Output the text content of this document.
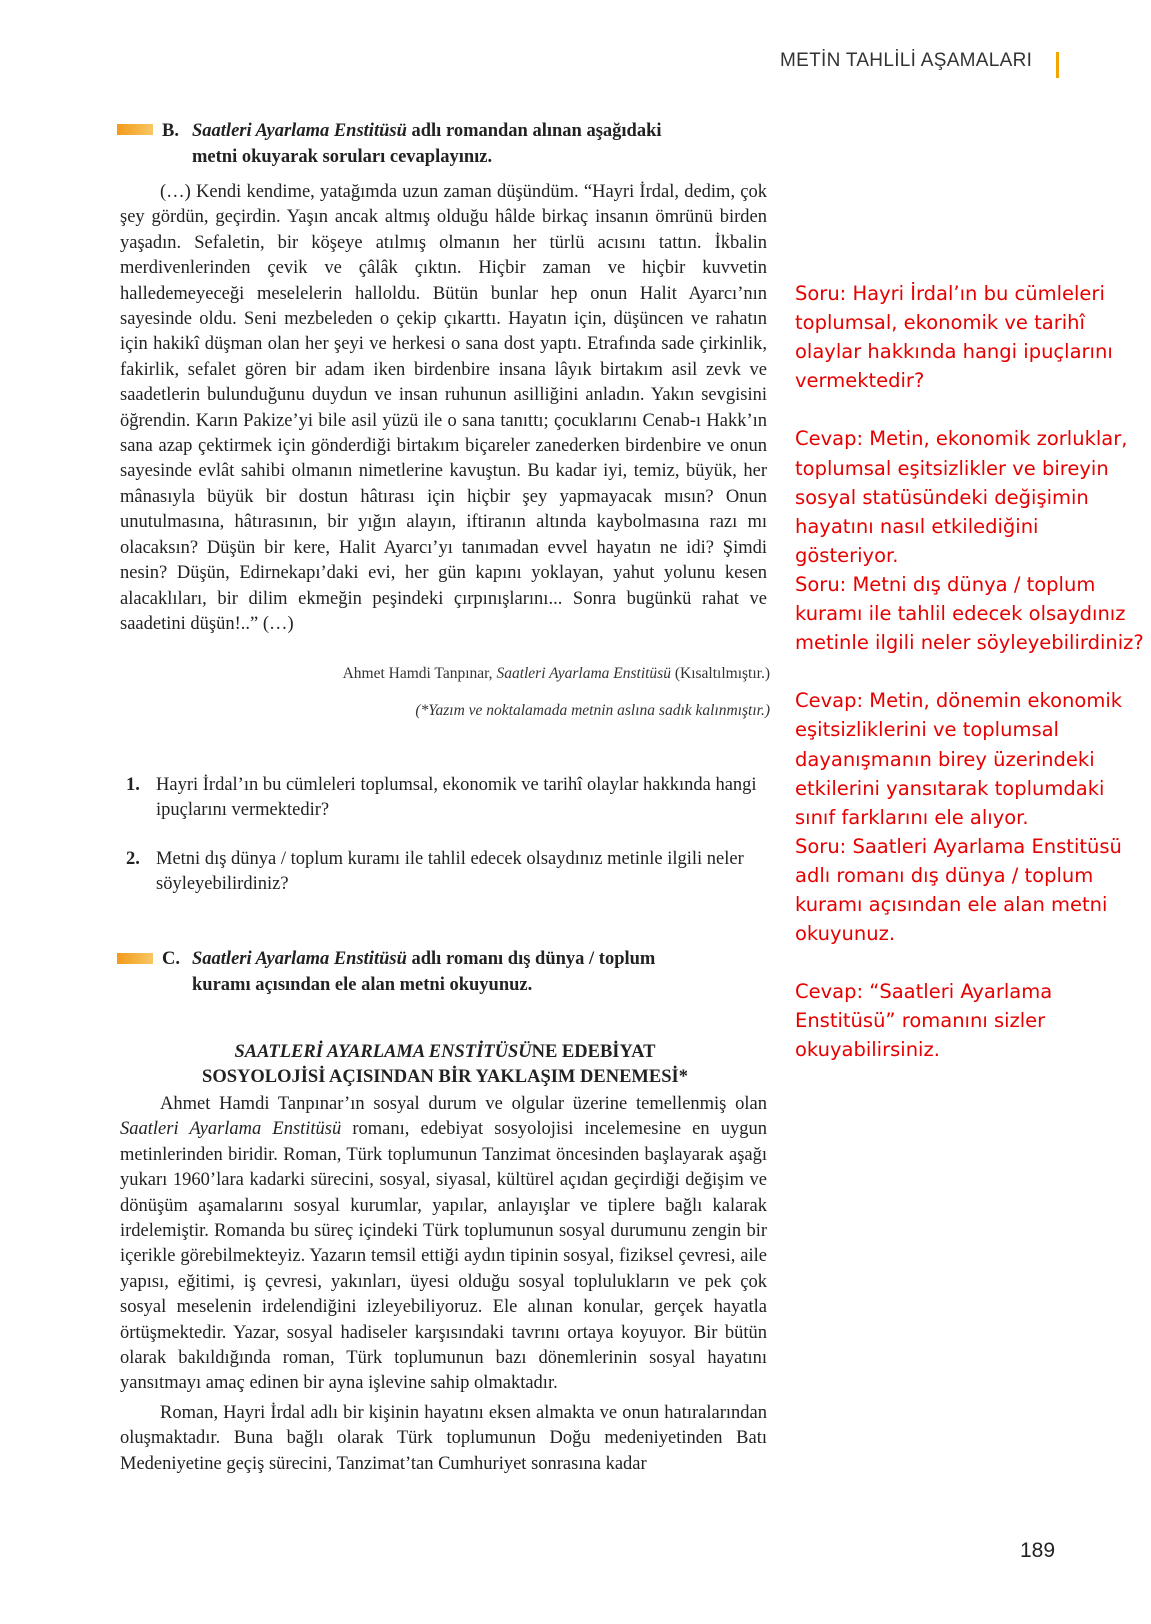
METİN TAHLİLİ AŞAMALARI
B. Saatleri Ayarlama Enstitüsü adlı romandan alınan aşağıdaki
metni okuyarak soruları cevaplayınız.

(…) Kendi kendime, yatağımda uzun zaman düşündüm. “Hayri İrdal, dedim, çok şey gördün, geçirdin. Yaşın ancak altmış olduğu hâlde birkaç insanın ömrünü birden yaşadın. Sefaletin, bir köşeye atılmış olmanın her türlü acısını tattın. İkbalin merdivenlerinden çevik ve çâlâk çıktın. Hiçbir zaman ve hiçbir kuvvetin halledemeyeceği meselelerin halloldu. Bütün bunlar hep onun Halit Ayarcı’nın sayesinde oldu. Seni mezbeleden o çekip çıkarttı. Hayatın için, düşüncen ve rahatın için hakikî düşman olan her şeyi ve herkesi o sana dost yaptı. Etrafında sade çirkinlik, fakirlik, sefalet gören bir adam iken birdenbire insana lâyık birtakım asil zevk ve saadetlerin bulunduğunu duydun ve insan ruhunun asilliğini anladın. Yakın sevgisini öğrendin. Karın Pakize’yi bile asil yüzü ile o sana tanıttı; çocuklarını Cenab-ı Hakk’ın sana azap çektirmek için gönderdiği birtakım biçareler zanederken birdenbire ve onun sayesinde evlât sahibi olmanın nimetlerine kavuştun. Bu kadar iyi, temiz, büyük, her mânasıyla büyük bir dostun hâtırası için hiçbir şey yapmayacak mısın? Onun unutulmasına, hâtırasının, bir yığın alayın, iftiranın altında kaybolmasına razı mı olacaksın? Düşün bir kere, Halit Ayarcı’yı tanımadan evvel hayatın ne idi? Şimdi nesin? Düşün, Edirnekapı’daki evi, her gün kapını yoklayan, yahut yolunu kesen alacaklıları, bir dilim ekmeğin peşindeki çırpınışlarını... Sonra bugünkü rahat ve saadetini düşün!..” (…)

Ahmet Hamdi Tanpınar, Saatleri Ayarlama Enstitüsü (Kısaltılmıştır.)
(*Yazım ve noktalamada metnin aslına sadık kalınmıştır.)
1. Hayri İrdal’ın bu cümleleri toplumsal, ekonomik ve tarihî olaylar hakkında hangi ipuçlarını vermektedir?
2. Metni dış dünya / toplum kuramı ile tahlil edecek olsaydınız metinle ilgili neler söyleyebilirdiniz?
C. Saatleri Ayarlama Enstitüsü adlı romanı dış dünya / toplum
kuramı açısından ele alan metni okuyunuz.
SAATLERİ AYARLAMA ENSTİTÜSÜNE EDEBİYAT
SOSYOLOJİSİ AÇISINDAN BİR YAKLAŞIM DENEMESİ*

Ahmet Hamdi Tanpınar’ın sosyal durum ve olgular üzerine temellenmiş olan Saatleri Ayarlama Enstitüsü romanı, edebiyat sosyolojisi incelemesine en uygun metinlerinden biridir. Roman, Türk toplumunun Tanzimat öncesinden başlayarak aşağı yukarı 1960’lara kadarki sürecini, sosyal, siyasal, kültürel açıdan geçirdiği değişim ve dönüşüm aşamalarını sosyal kurumlar, yapılar, anlayışlar ve tiplere bağlı kalarak irdelemiştir. Romanda bu süreç içindeki Türk toplumunun sosyal durumunu zengin bir içerikle görebilmekteyiz. Yazarın temsil ettiği aydın tipinin sosyal, fiziksel çevresi, aile yapısı, eğitimi, iş çevresi, yakınları, üyesi olduğu sosyal toplulukların ve pek çok sosyal meselenin irdelendiğini izleyebiliyoruz. Ele alınan konular, gerçek hayatla örtüşmektedir. Yazar, sosyal hadiseler karşısındaki tavrını ortaya koyuyor. Bir bütün olarak bakıldığında roman, Türk toplumunun bazı dönemlerinin sosyal hayatını yansıtmayı amaç edinen bir ayna işlevine sahip olmaktadır.

Roman, Hayri İrdal adlı bir kişinin hayatını eksen almakta ve onun hatıralarından oluşmaktadır. Buna bağlı olarak Türk toplumunun Doğu medeniyetinden Batı Medeniyetine geçiş sürecini, Tanzimat’tan Cumhuriyet sonrasına kadar

Soru: Hayri İrdal’ın bu cümleleri
toplumsal, ekonomik ve tarihî
olaylar hakkında hangi ipuçlarını
vermektedir?

Cevap: Metin, ekonomik zorluklar,
toplumsal eşitsizlikler ve bireyin
sosyal statüsündeki değişimin
hayatını nasıl etkilediğini
gösteriyor.
Soru: Metni dış dünya / toplum
kuramı ile tahlil edecek olsaydınız
metinle ilgili neler söyleyebilirdiniz?

Cevap: Metin, dönemin ekonomik
eşitsizliklerini ve toplumsal
dayanışmanın birey üzerindeki
etkilerini yansıtarak toplumdaki
sınıf farklarını ele alıyor.
Soru: Saatleri Ayarlama Enstitüsü
adlı romanı dış dünya / toplum
kuramı açısından ele alan metni
okuyunuz.

Cevap: “Saatleri Ayarlama
Enstitüsü” romanını sizler
okuyabilirsiniz.
189
